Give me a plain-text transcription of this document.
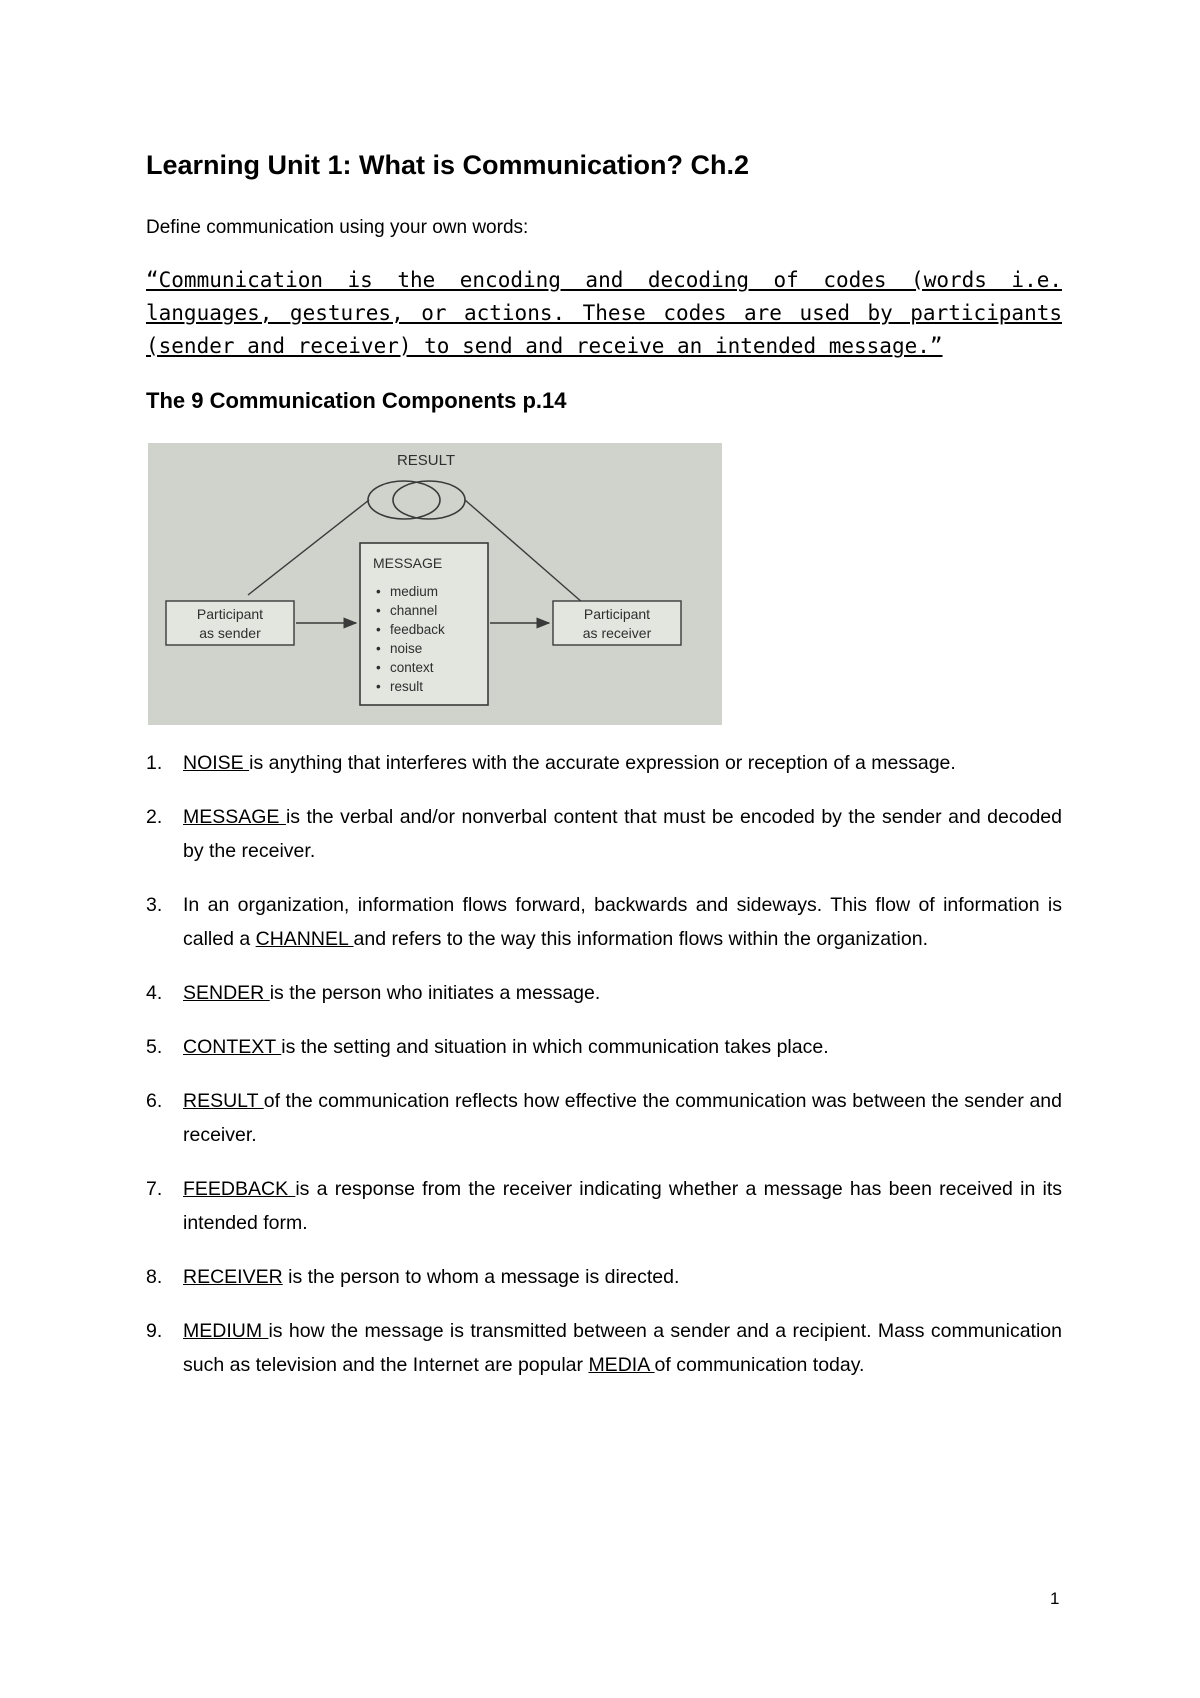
Learning Unit 1: What is Communication? Ch.2

Define communication using your own words:

“Communication is the encoding and decoding of codes (words i.e. languages, gestures, or actions. These codes are used by participants (sender and receiver) to send and receive an intended message.”

The 9 Communication Components p.14
RESULT
MESSAGE
• medium
• channel
• feedback
• noise
• context
• result
Participant
as sender
Participant
as receiver
1. NOISE is anything that interferes with the accurate expression or reception of a message.
2. MESSAGE is the verbal and/or nonverbal content that must be encoded by the sender and decoded by the receiver.
3. In an organization, information flows forward, backwards and sideways. This flow of information is called a CHANNEL and refers to the way this information flows within the organization.
4. SENDER is the person who initiates a message.
5. CONTEXT is the setting and situation in which communication takes place.
6. RESULT of the communication reflects how effective the communication was between the sender and receiver.
7. FEEDBACK is a response from the receiver indicating whether a message has been received in its intended form.
8. RECEIVER is the person to whom a message is directed.
9. MEDIUM is how the message is transmitted between a sender and a recipient. Mass communication such as television and the Internet are popular MEDIA of communication today.
1
